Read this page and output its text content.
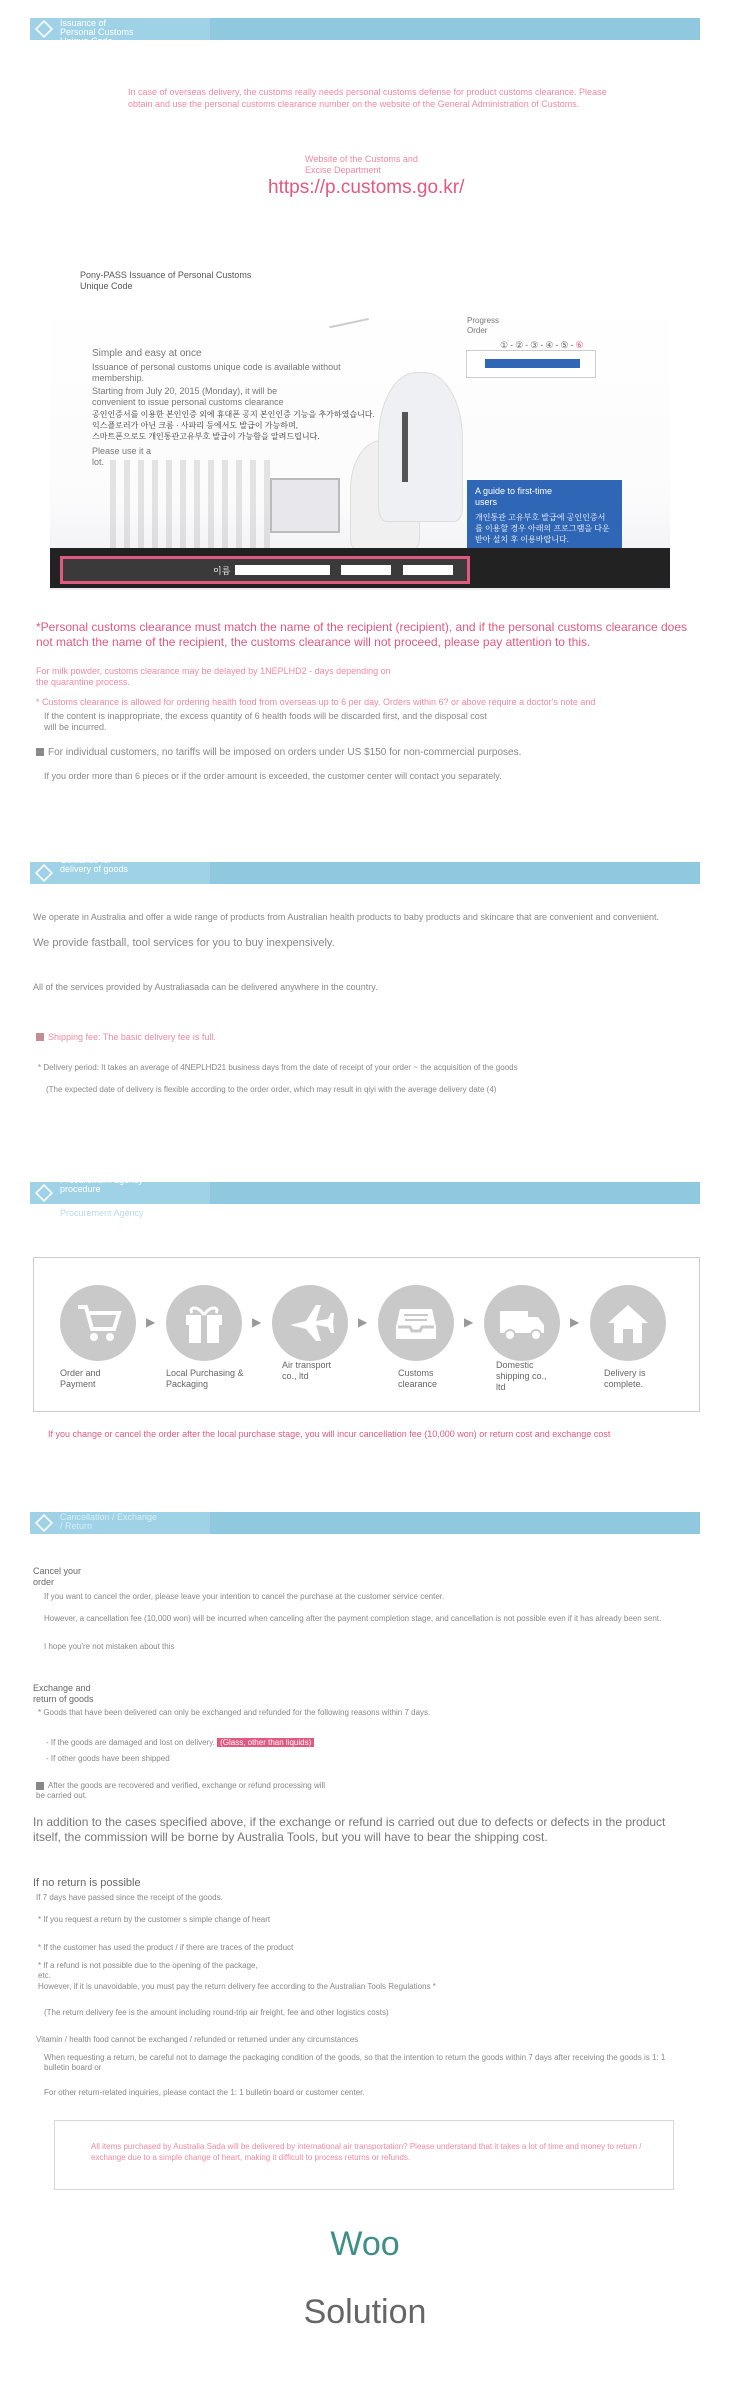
Issuance of Personal Customs Unique Code
In case of overseas delivery, the customs really needs personal customs defense for product customs clearance. Please obtain and use the personal customs clearance number on the website of the General Administration of Customs.
Website of the Customs and Excise Department
https://p.customs.go.kr/
Pony-PASS Issuance of Personal Customs Unique Code
Simple and easy at once
Issuance of personal customs unique code is available without membership.
Starting from July 20, 2015 (Monday), it will be convenient to issue personal customs clearance
공인인증서를 이용한 본인인증 외에 휴대폰 공지 본인인증 기능을 추가하였습니다.
익스플로러가 아닌 크롬 · 사파리 등에서도 발급이 가능하며,
스마트폰으로도 개인통관고유부호 발급이 가능함을 알려드립니다.
Please use it a lot.
Progress Order
①-②-③-④-⑤-⑥
A guide to first-time users
개인통관 고유부호 발급에 공인인증서를 이용할 경우 아래의 프로그램을 다운받아 설치 후 이용바랍니다.
이름
*Personal customs clearance must match the name of the recipient (recipient), and if the personal customs clearance does not match the name of the recipient, the customs clearance will not proceed, please pay attention to this.
For milk powder, customs clearance may be delayed by 1NEPLHD2 - days depending on the quarantine process.
* Customs clearance is allowed for ordering health food from overseas up to 6 per day. Orders within 6? or above require a doctor's note and
If the content is inappropriate, the excess quantity of 6 health foods will be discarded first, and the disposal cost will be incurred.
For individual customers, no tariffs will be imposed on orders under US $150 for non-commercial purposes.
If you order more than 6 pieces or if the order amount is exceeded, the customer center will contact you separately.
Guidance for delivery of goods
We operate in Australia and offer a wide range of products from Australian health products to baby products and skincare that are convenient and convenient.
We provide fastball, tool services for you to buy inexpensively.
All of the services provided by Australiasada can be delivered anywhere in the country.
Shipping fee: The basic delivery fee is full.
* Delivery period: It takes an average of 4NEPLHD21 business days from the date of receipt of your order ~ the acquisition of the goods
(The expected date of delivery is flexible according to the order order, which may result in qiyi with the average delivery date (4)
Procurement agency procedure
Procurement Agency
▶	▶	▶	▶	▶
Order and Payment
Local Purchasing & Packaging
Air transport co., ltd	Customs clearance
Domestic shipping co., ltd
Delivery is complete.
If you change or cancel the order after the local purchase stage, you will incur cancellation fee (10,000 won) or return cost and exchange cost
Cancellation / Exchange / Return
Cancel your order
If you want to cancel the order, please leave your intention to cancel the purchase at the customer service center.
However, a cancellation fee (10,000 won) will be incurred when canceling after the payment completion stage, and cancellation is not possible even if it has already been sent.
I hope you're not mistaken about this
Exchange and return of goods
* Goods that have been delivered can only be exchanged and refunded for the following reasons within 7 days.
- If the goods are damaged and lost on delivery. (Glass, other than liquids)
- If other goods have been shipped
After the goods are recovered and verified, exchange or refund processing will be carried out.
In addition to the cases specified above, if the exchange or refund is carried out due to defects or defects in the product itself, the commission will be borne by Australia Tools, but you will have to bear the shipping cost.
If no return is possible
If 7 days have passed since the receipt of the goods.
* If you request a return by the customer s simple change of heart
* If the customer has used the product / if there are traces of the product
* If a refund is not possible due to the opening of the package, etc.
However, if it is unavoidable, you must pay the return delivery fee according to the Australian Tools Regulations *
(The return delivery fee is the amount including round-trip air freight, fee and other logistics costs)
Vitamin / health food cannot be exchanged / refunded or returned under any circumstances
When requesting a return, be careful not to damage the packaging condition of the goods, so that the intention to return the goods within 7 days after receiving the goods is 1: 1 bulletin board or
For other return-related inquiries, please contact the 1: 1 bulletin board or customer center.
All items purchased by Australia Sada will be delivered by international air transportation? Please understand that it takes a lot of time and money to return / exchange due to a simple change of heart, making it difficult to process returns or refunds.
Woo
Solution
